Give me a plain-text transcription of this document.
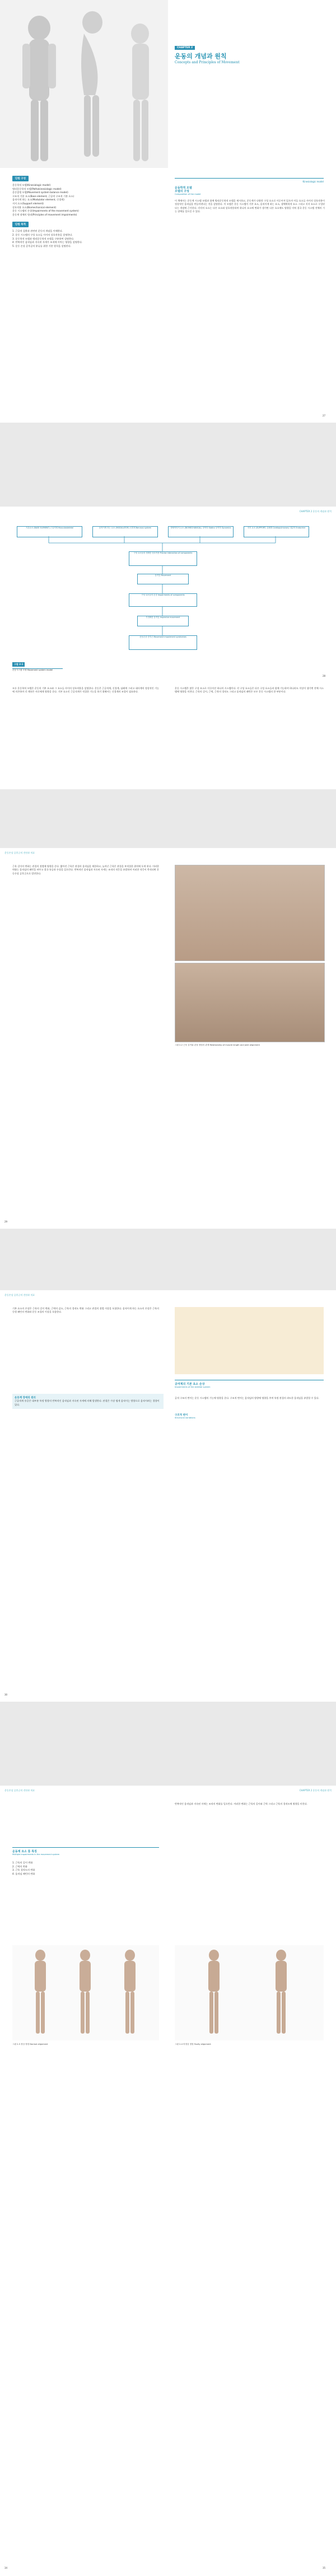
CHAPTER 2
운동의 개념과 원칙
Concepts and Principles of Movement
단원 구성
운동학적 모델(Kinesiologic model)
병리운동학적 모델(Pathokinesiologic model)
운동발생 모델(Movement system balance model)
구조적 기본 요소(Base element, 근골격 구조적 기본 요소)
움직이게 하는 요소(Modulator element, 신경계)
지지 요소(Support element)
상호작용 요소(Biomechanical element)
운동 시스템의 손상(Impairments of the movement system)
운동계 장애의 원리(Principles of movement impairments)
단원 목적
1. 근골격 질환과 관련된 운동의 개념을 이해한다.
2. 운동 시스템의 구성 요소들 사이의 상호작용을 설명한다.
3. 운동학적 모델과 병리운동학적 모델을 구분하여 설명한다.
4. 반복적인 움직임과 지속된 자세가 조직에 미치는 영향을 설명한다.
5. 운동 손상 증후군의 분류를 위한 기본 원칙을 설명한다.
운동학적 모델
Kinesiologic model
모델의 구성
Composition of the model
이 책에서는 운동계 시스템 모델과 함께 병리운동학적 모델을 제시하고, 운동계가 다양한 구성 요소로 이루어져 있으며 이들 요소들 사이의 상호작용이 정상적인 움직임을 만들어낸다는 것을 설명한다. 이 모델은 운동 시스템이 기본 요소, 움직이게 하는 요소, 생체역학적 요소 그리고 지지 요소로 구성된다는 개념에 근거한다. 각각의 요소는 다른 요소와 상호작용하며 하나의 요소에 변화가 생기면 다른 요소에도 영향을 미쳐 결국 운동 시스템 전체의 기능 장애를 일으킬 수 있다.
27
CHAPTER 2 운동의 개념과 원칙
기본요소 (BASE ELEMENT) 근골격계 Musculoskeletal	움직이게 하는 요소 (MODULATOR) 신경계 Nervous system	생체역학적 요소 (BIOMECHANICAL) 정역학 Statics 동역학 Dynamics	지지 요소 (SUPPORT) 심폐계 Cardiopulmonary 내분비 Endocrine
구성 요소들의 정확한 상호작용 Precise interaction of components
움직임 Movement
구성 요소들의 손상 Impairments of components
부정확한 움직임 Imprecise movement
운동손상 증후군 Movement impairment syndromes
그림 2-1
운동시스템 모델 Movement system model
28
모든 운동학적 모델은 운동의 기본 요소와 그 요소들 사이의 상호작용을 설명한다. 운동은 근골격계, 신경계, 심폐계 그리고 대사계의 정상적인 기능에 의존하며 각 계통은 서로에게 영향을 준다. 기본 요소인 근골격계가 적절한 기능을 하기 위해서는 신경계의 조절이 필요하다.
운동 시스템은 많은 구성 요소로 이루어진 하나의 시스템이다. 각 구성 요소들은 다른 구성 요소들과 함께 기능하며 하나라도 이상이 생기면 전체 시스템에 영향을 미친다. 근육의 길이, 근력, 근육의 경직도 그리고 움직임의 패턴은 모두 운동 시스템의 한 부분이다.
운동손상 증후군의 진단과 치료
근육 길이의 변화는 관절의 정렬에 영향을 준다. 짧아진 근육은 관절의 움직임을 제한하고, 늘어난 근육은 관절을 부적절한 위치에 두게 된다. 이러한 변화는 움직임의 패턴을 바꾸고 결국 통증과 손상을 일으킨다. 반복적인 움직임과 지속된 자세는 조직의 적응을 유발하며 이러한 적응이 축적되면 운동손상 증후군으로 발전한다.
그림 2-2 근육 길이와 관절 정렬의 관계 Relationship of muscle length and joint alignment
29
운동손상 증후군의 진단과 치료
기본 요소의 손상은 근육의 길이 변화, 근력의 감소, 근육의 경직도 변화 그리고 관절의 정렬 이상을 포함한다. 움직이게 하는 요소의 손상은 근육의 동원 패턴의 변화와 운동 조절의 이상을 포함한다.
운동계 장애의 원리
근골격계 통증은 대부분 특정 방향의 반복적인 움직임과 지속된 자세에 의해 발생한다. 관절은 가장 쉽게 움직이는 방향으로 움직이려는 경향이 있다.
공여계의 기본 요소 손상
Impairments of the skeletal system
골격 구조의 변이는 운동 시스템의 기능에 영향을 준다. 구조적 변이는 움직임의 방향에 영향을 주며 특정 관절의 과도한 움직임을 유발할 수 있다.
구조적 변이
Structural variations
30
운동손상 증후군의 진단과 치료	CHAPTER 2 운동의 개념과 원칙
운동계 요소 통 특징
Multiple impairments in the movement system
1. 근육의 길이 변화
2. 근력의 변화
3. 근육 경직도의 변화
4. 움직임 패턴의 변화
반복적인 움직임과 지속된 자세는 조직의 변화를 일으킨다. 이러한 변화는 근육의 길이와 근력 그리고 근육의 경직도에 영향을 미친다.
그림 2-3 정상 정렬 Normal alignment	그림 2-4 비정상 정렬 Faulty alignment
34	35
